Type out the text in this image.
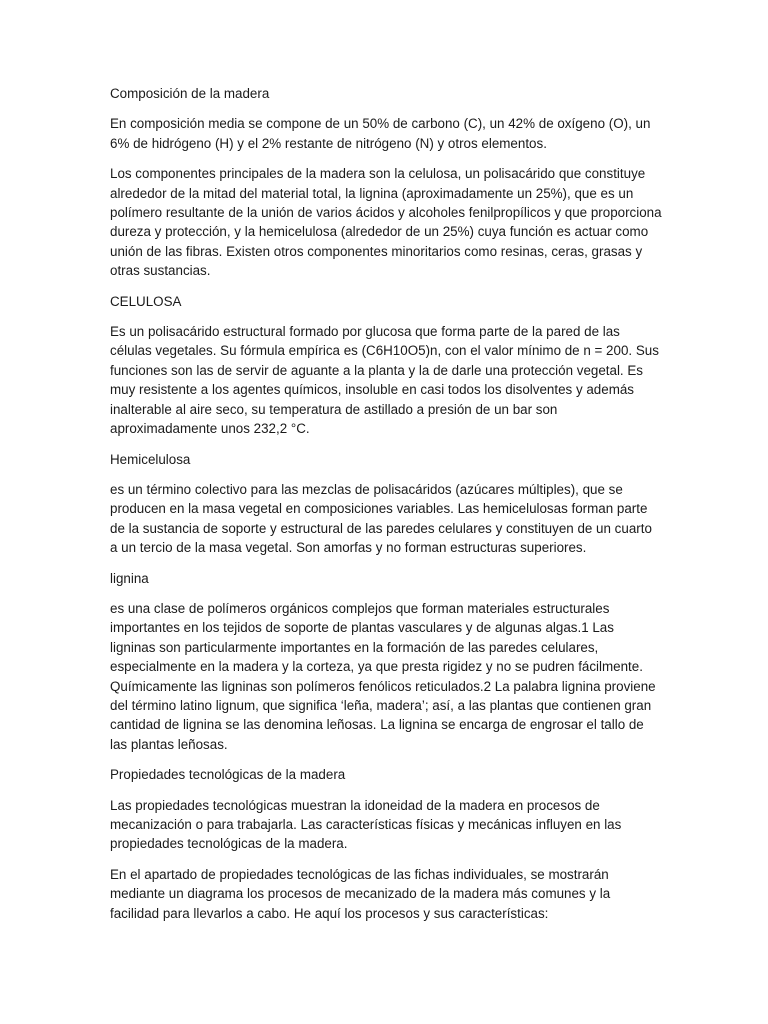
Composición de la madera

En composición media se compone de un 50% de carbono (C), un 42% de oxígeno (O), un 6% de hidrógeno (H) y el 2% restante de nitrógeno (N) y otros elementos.

Los componentes principales de la madera son la celulosa, un polisacárido que constituye alrededor de la mitad del material total, la lignina (aproximadamente un 25%), que es un polímero resultante de la unión de varios ácidos y alcoholes fenilpropílicos y que proporciona dureza y protección, y la hemicelulosa (alrededor de un 25%) cuya función es actuar como unión de las fibras. Existen otros componentes minoritarios como resinas, ceras, grasas y otras sustancias.

CELULOSA

Es un polisacárido estructural formado por glucosa que forma parte de la pared de las células vegetales. Su fórmula empírica es (C6H10O5)n, con el valor mínimo de n = 200. Sus funciones son las de servir de aguante a la planta y la de darle una protección vegetal. Es muy resistente a los agentes químicos, insoluble en casi todos los disolventes y además inalterable al aire seco, su temperatura de astillado a presión de un bar son aproximadamente unos 232,2 °C.

Hemicelulosa

es un término colectivo para las mezclas de polisacáridos (azúcares múltiples), que se producen en la masa vegetal en composiciones variables. Las hemicelulosas forman parte de la sustancia de soporte y estructural de las paredes celulares y constituyen de un cuarto a un tercio de la masa vegetal. Son amorfas y no forman estructuras superiores.

lignina

es una clase de polímeros orgánicos complejos que forman materiales estructurales importantes en los tejidos de soporte de plantas vasculares y de algunas algas.1 Las ligninas son particularmente importantes en la formación de las paredes celulares, especialmente en la madera y la corteza, ya que presta rigidez y no se pudren fácilmente. Químicamente las ligninas son polímeros fenólicos reticulados.2 La palabra lignina proviene del término latino lignum, que significa ‘leña, madera’; así, a las plantas que contienen gran cantidad de lignina se las denomina leñosas. La lignina se encarga de engrosar el tallo de las plantas leñosas.

Propiedades tecnológicas de la madera

Las propiedades tecnológicas muestran la idoneidad de la madera en procesos de mecanización o para trabajarla. Las características físicas y mecánicas influyen en las propiedades tecnológicas de la madera.

En el apartado de propiedades tecnológicas de las fichas individuales, se mostrarán mediante un diagrama los procesos de mecanizado de la madera más comunes y la facilidad para llevarlos a cabo. He aquí los procesos y sus características:
